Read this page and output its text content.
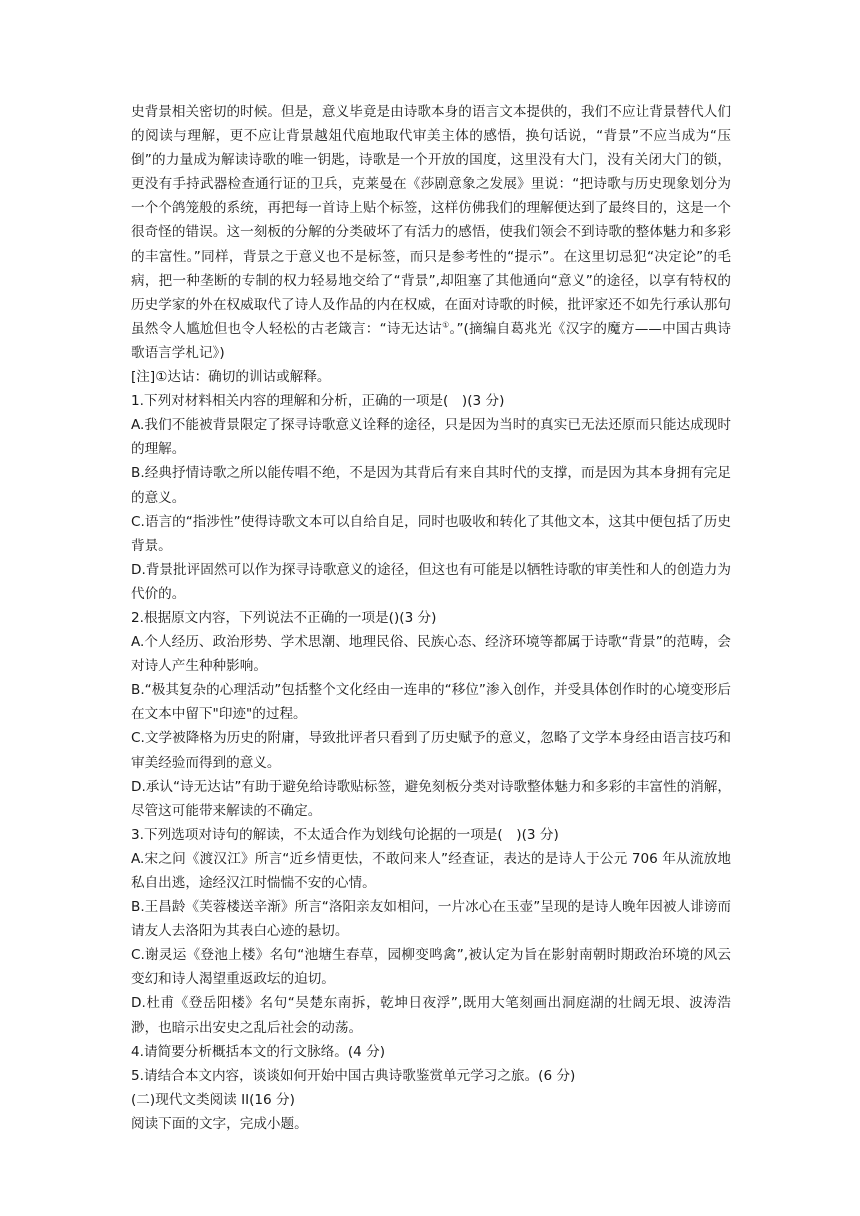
史背景相关密切的时候。但是，意义毕竟是由诗歌本身的语言文本提供的，我们不应让背景替代人们的阅读与理解，更不应让背景越俎代庖地取代审美主体的感悟，换句话说，“背景”不应当成为“压倒”的力量成为解读诗歌的唯一钥匙，诗歌是一个开放的国度，这里没有大门，没有关闭大门的锁，更没有手持武器检查通行证的卫兵，克莱曼在《莎剧意象之发展》里说：“把诗歌与历史现象划分为一个个鸽笼般的系统，再把每一首诗上贴个标签，这样仿佛我们的理解便达到了最终目的，这是一个很奇怪的错误。这一刻板的分解的分类破坏了有活力的感悟，使我们领会不到诗歌的整体魅力和多彩的丰富性。”同样，背景之于意义也不是标签，而只是参考性的“提示”。在这里切忌犯“决定论”的毛病，把一种垄断的专制的权力轻易地交给了“背景”,却阻塞了其他通向“意义”的途径，以享有特权的历史学家的外在权威取代了诗人及作品的内在权威，在面对诗歌的时候，批评家还不如先行承认那句虽然令人尴尬但也令人轻松的古老箴言：“诗无达诂①。”(摘编自葛兆光《汉字的魔方——中国古典诗歌语言学札记》)

[注]①达诂：确切的训诂或解释。

1.下列对材料相关内容的理解和分析，正确的一项是(　)(3 分)

A.我们不能被背景限定了探寻诗歌意义诠释的途径，只是因为当时的真实已无法还原而只能达成现时的理解。

B.经典抒情诗歌之所以能传唱不绝，不是因为其背后有来自其时代的支撑，而是因为其本身拥有完足的意义。

C.语言的“指涉性”使得诗歌文本可以自给自足，同时也吸收和转化了其他文本，这其中便包括了历史背景。

D.背景批评固然可以作为探寻诗歌意义的途径，但这也有可能是以牺牲诗歌的审美性和人的创造力为代价的。

2.根据原文内容，下列说法不正确的一项是()(3 分)

A.个人经历、政治形势、学术思潮、地理民俗、民族心态、经济环境等都属于诗歌“背景”的范畴，会对诗人产生种种影响。

B.“极其复杂的心理活动”包括整个文化经由一连串的“移位”渗入创作，并受具体创作时的心境变形后在文本中留下"印迹"的过程。

C.文学被降格为历史的附庸，导致批评者只看到了历史赋予的意义，忽略了文学本身经由语言技巧和审美经验而得到的意义。

D.承认“诗无达诂”有助于避免给诗歌贴标签，避免刻板分类对诗歌整体魅力和多彩的丰富性的消解，尽管这可能带来解读的不确定。

3.下列选项对诗句的解读，不太适合作为划线句论据的一项是(　)(3 分)

A.宋之问《渡汉江》所言“近乡情更怯，不敢问来人”经查证，表达的是诗人于公元 706 年从流放地私自出逃，途经汉江时惴惴不安的心情。

B.王昌龄《芙蓉楼送辛渐》所言“洛阳亲友如相问，一片冰心在玉壶”呈现的是诗人晚年因被人诽谤而请友人去洛阳为其表白心迹的悬切。

C.谢灵运《登池上楼》名句“池塘生春草，园柳变鸣禽”,被认定为旨在影射南朝时期政治环境的风云变幻和诗人渴望重返政坛的迫切。

D.杜甫《登岳阳楼》名句“吴楚东南拆，乾坤日夜浮”,既用大笔刻画出洞庭湖的壮阔无垠、波涛浩渺，也暗示出安史之乱后社会的动荡。

4.请简要分析概括本文的行文脉络。(4 分)

5.请结合本文内容，谈谈如何开始中国古典诗歌鉴赏单元学习之旅。(6 分)

(二)现代文类阅读 II(16 分)

阅读下面的文字，完成小题。
